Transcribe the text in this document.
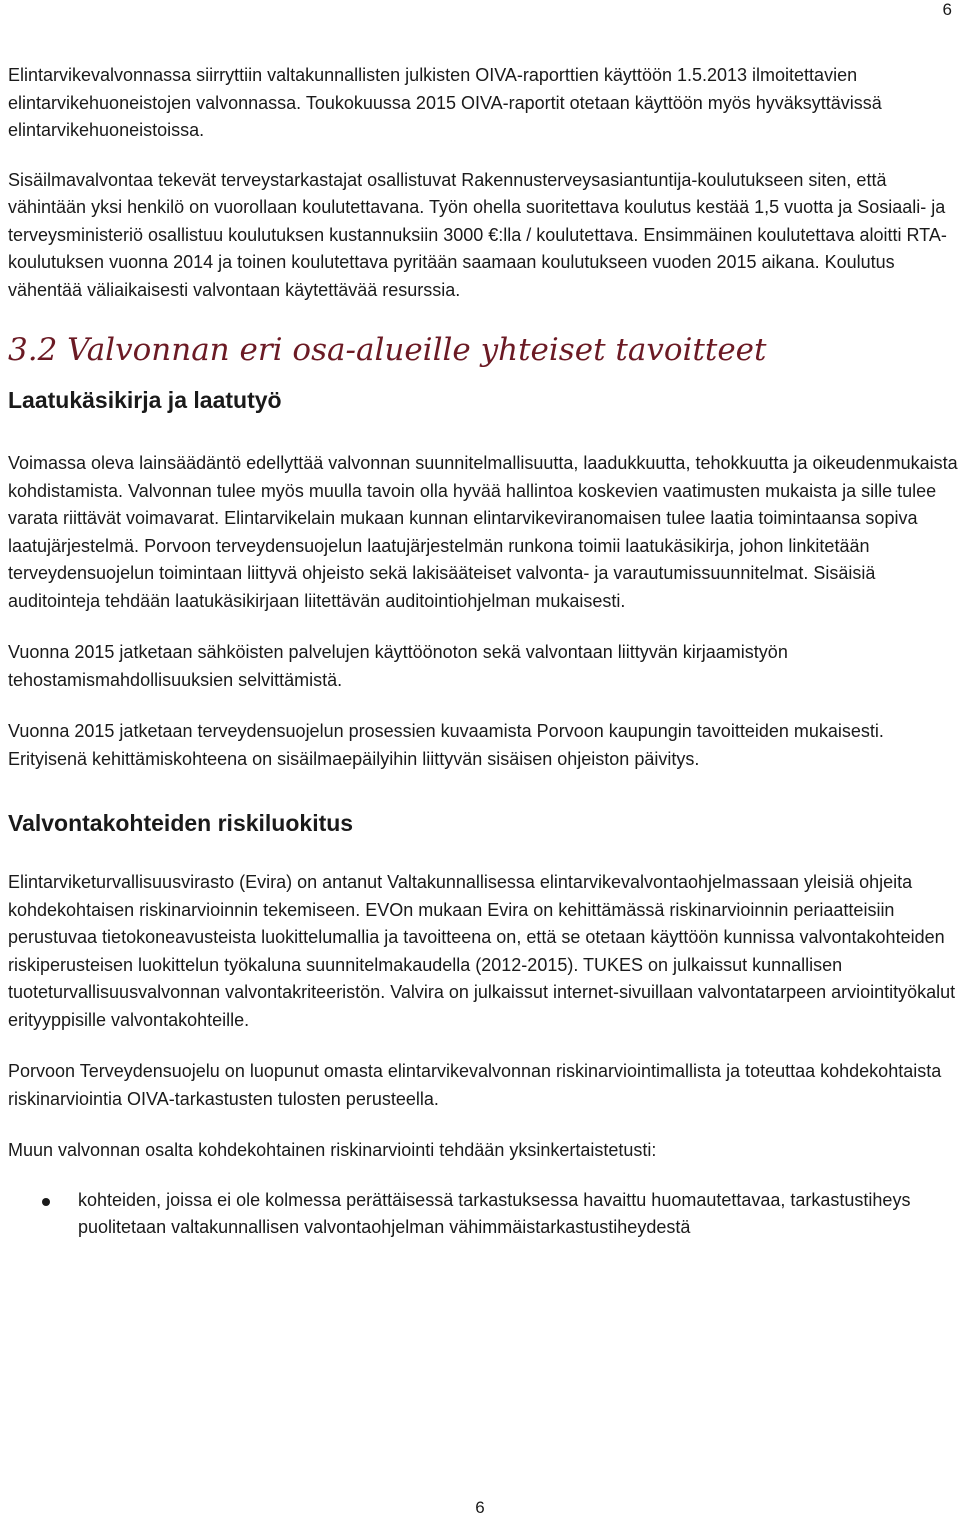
6

Elintarvikevalvonnassa siirryttiin valtakunnallisten julkisten OIVA-raporttien käyttöön 1.5.2013 ilmoitettavien elintarvikehuoneistojen valvonnassa. Toukokuussa 2015 OIVA-raportit otetaan käyttöön myös hyväksyttävissä elintarvikehuoneistoissa.

Sisäilmavalvontaa tekevät terveystarkastajat osallistuvat Rakennusterveysasiantuntija-koulutukseen siten, että vähintään yksi henkilö on vuorollaan koulutettavana. Työn ohella suoritettava koulutus kestää 1,5 vuotta ja Sosiaali- ja terveysministeriö osallistuu koulutuksen kustannuksiin 3000 €:lla / koulutettava. Ensimmäinen koulutettava aloitti RTA-koulutuksen vuonna 2014 ja toinen koulutettava pyritään saamaan koulutukseen vuoden 2015 aikana. Koulutus vähentää väliaikaisesti valvontaan käytettävää resurssia.

3.2 Valvonnan eri osa-alueille yhteiset tavoitteet
Laatukäsikirja ja laatutyö

Voimassa oleva lainsäädäntö edellyttää valvonnan suunnitelmallisuutta, laadukkuutta, tehokkuutta ja oikeudenmukaista kohdistamista. Valvonnan tulee myös muulla tavoin olla hyvää hallintoa koskevien vaatimusten mukaista ja sille tulee varata riittävät voimavarat. Elintarvikelain mukaan kunnan elintarvikeviranomaisen tulee laatia toimintaansa sopiva laatujärjestelmä. Porvoon terveydensuojelun laatujärjestelmän runkona toimii laatukäsikirja, johon linkitetään terveydensuojelun toimintaan liittyvä ohjeisto sekä lakisääteiset valvonta- ja varautumissuunnitelmat. Sisäisiä auditointeja tehdään laatukäsikirjaan liitettävän auditointiohjelman mukaisesti.

Vuonna 2015 jatketaan sähköisten palvelujen käyttöönoton sekä valvontaan liittyvän kirjaamistyön tehostamismahdollisuuksien selvittämistä.

Vuonna 2015 jatketaan terveydensuojelun prosessien kuvaamista Porvoon kaupungin tavoitteiden mukaisesti. Erityisenä kehittämiskohteena on sisäilmaepäilyihin liittyvän sisäisen ohjeiston päivitys.

Valvontakohteiden riskiluokitus

Elintarviketurvallisuusvirasto (Evira) on antanut Valtakunnallisessa elintarvikevalvontaohjelmassaan yleisiä ohjeita kohdekohtaisen riskinarvioinnin tekemiseen. EVOn mukaan Evira on kehittämässä riskinarvioinnin periaatteisiin perustuvaa tietokoneavusteista luokittelumallia ja tavoitteena on, että se otetaan käyttöön kunnissa valvontakohteiden riskiperusteisen luokittelun työkaluna suunnitelmakaudella (2012-2015). TUKES on julkaissut kunnallisen tuoteturvallisuusvalvonnan valvontakriteeristön. Valvira on julkaissut internet-sivuillaan valvontatarpeen arviointityökalut erityyppisille valvontakohteille.

Porvoon Terveydensuojelu on luopunut omasta elintarvikevalvonnan riskinarviointimallista ja toteuttaa kohdekohtaista riskinarviointia OIVA-tarkastusten tulosten perusteella.

Muun valvonnan osalta kohdekohtainen riskinarviointi tehdään yksinkertaistetusti:

kohteiden, joissa ei ole kolmessa perättäisessä tarkastuksessa havaittu huomautettavaa, tarkastustiheys puolitetaan valtakunnallisen valvontaohjelman vähimmäistarkastustiheydestä
6
